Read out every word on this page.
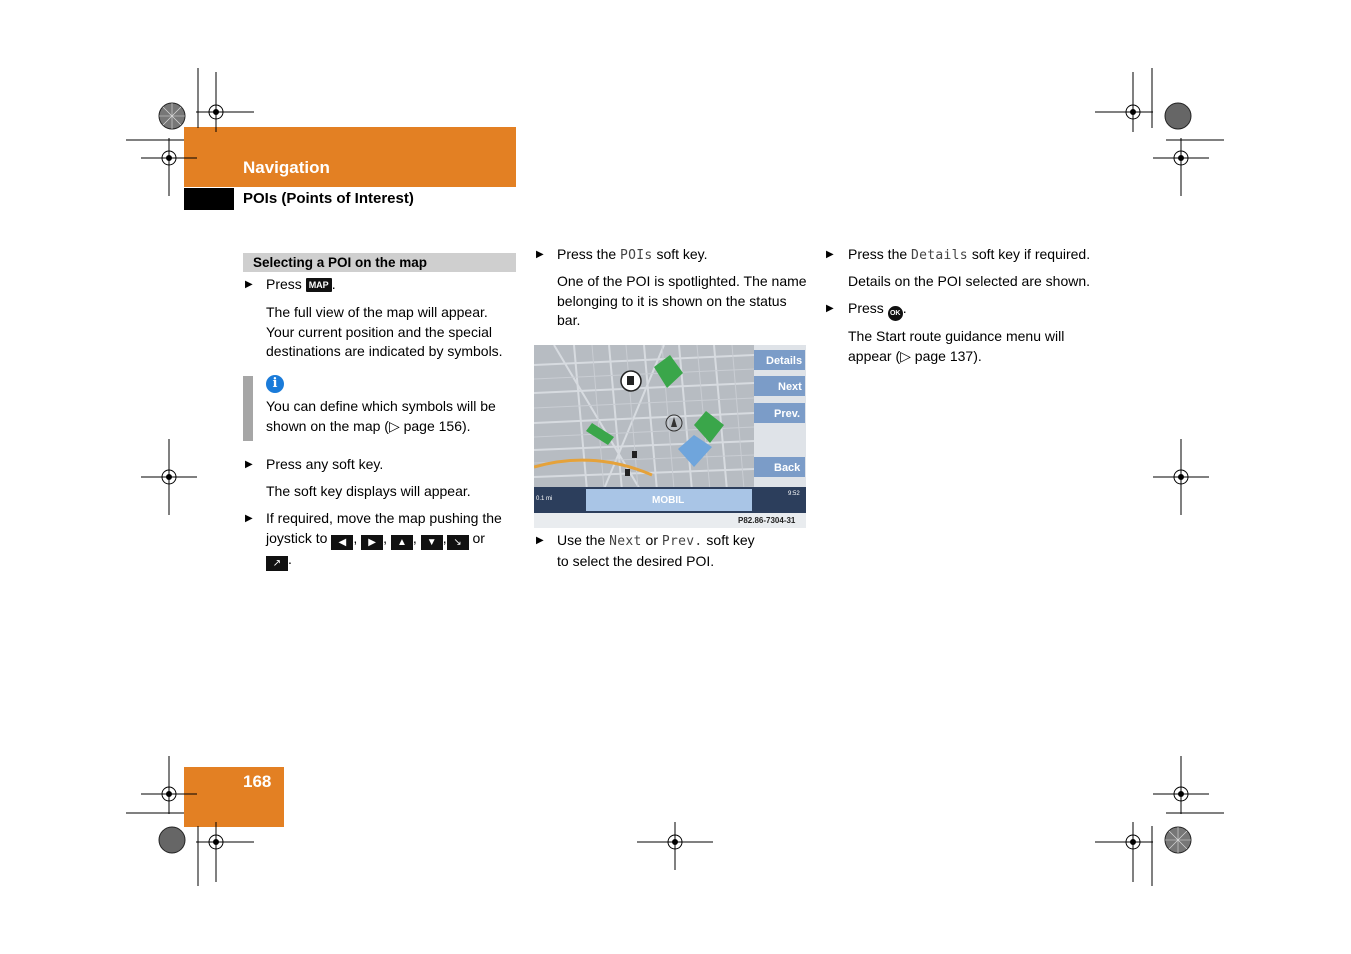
Navigation
POIs (Points of Interest)
Selecting a POI on the map
▶ Press MAP .
The full view of the map will appear.
Your current position and the special
destinations are indicated by symbols.
i
You can define which symbols will be
shown on the map (▷ page 156).
▶ Press any soft key.
The soft key displays will appear.
▶ If required, move the map pushing the
joystick to ◀ , ▶ , ▲ , ▼ , ↘ or
↗ .
▶ Press the POIs soft key.
One of the POI is spotlighted. The name
belonging to it is shown on the status
bar.
Details
Next
Prev.
Back
MOBIL
0.1 mi
9:52
P82.86-7304-31
▶ Use the Next or Prev. soft key
to select the desired POI.
▶ Press the Details soft key if required.
Details on the POI selected are shown.
▶ Press OK .
The Start route guidance menu will
appear (▷ page 137).
168
